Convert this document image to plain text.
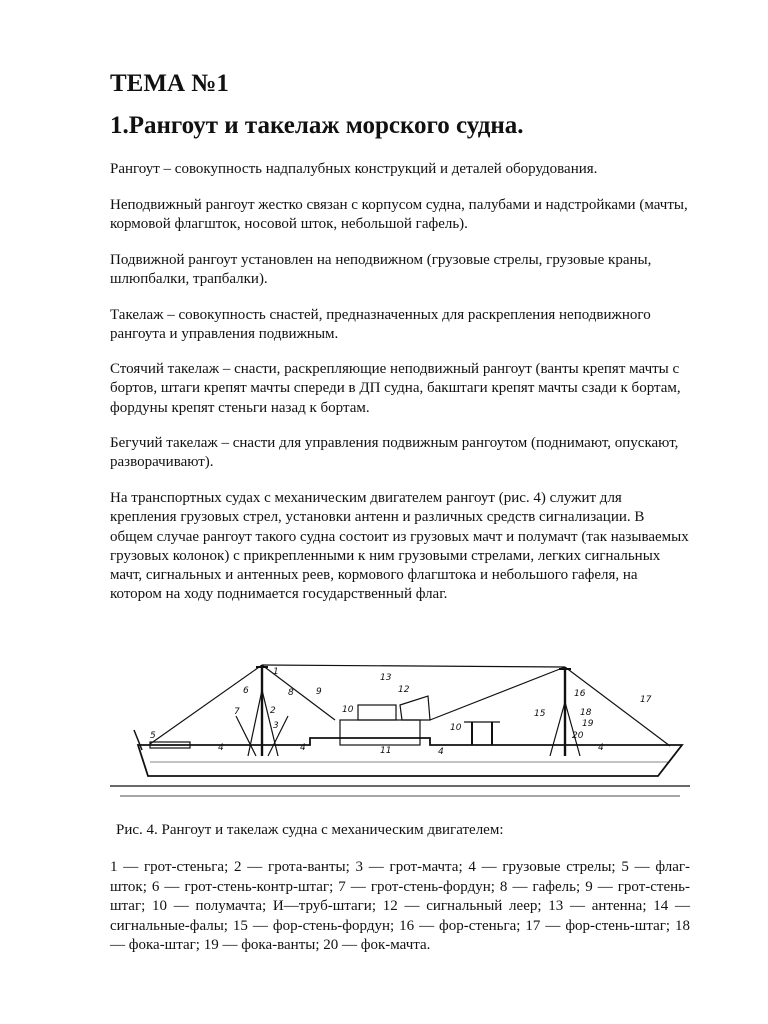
ТЕМА №1
1.Рангоут и такелаж морского судна.

Рангоут – совокупность надпалубных конструкций и деталей оборудования.

Неподвижный рангоут жестко связан с корпусом судна, палубами и надстройками (мачты, кормовой флагшток, носовой шток, небольшой гафель).

Подвижной рангоут установлен на неподвижном (грузовые стрелы, грузовые краны, шлюпбалки, трапбалки).

Такелаж – совокупность снастей, предназначенных для раскрепления неподвижного рангоута и управления подвижным.

Стоячий такелаж – снасти, раскрепляющие неподвижный рангоут (ванты крепят мачты с бортов, штаги крепят мачты спереди в ДП судна, бакштаги крепят мачты сзади к бортам, фордуны крепят стеньги назад к бортам.

Бегучий такелаж – снасти для управления подвижным рангоутом (поднимают, опускают, разворачивают).

На транспортных судах с механическим двигателем рангоут (рис. 4) служит для крепления грузовых стрел, установки антенн и различных средств сигнализации. В общем случае рангоут такого судна состоит из грузовых мачт и полумачт (так называемых грузовых колонок) с прикрепленными к ним грузовыми стрелами, легких сигнальных мачт, сигнальных и антенных реев, кормового флагштока и небольшого гафеля, на котором на ходу поднимается государственный флаг.

1
2
3
4	4	4	4
5
6
7
8 9
10
10
11
12
13
15
16
17
18
19
20

Рис. 4. Рангоут и такелаж судна с механическим двигателем:

1 — грот-стеньга; 2 — грота-ванты; 3 — грот-мачта; 4 — грузовые стрелы; 5 — флаг-шток; 6 — грот-стень-контр-штаг; 7 — грот-стень-фордун; 8 — гафель; 9 — грот-стень-штаг; 10 — полумачта; И—труб-штаги; 12 — сигнальный леер; 13 — антенна; 14 — сигнальные-фалы; 15 — фор-стень-фордун; 16 — фор-стеньга; 17 — фор-стень-штаг; 18 — фока-штаг; 19 — фока-ванты; 20 — фок-мачта.
